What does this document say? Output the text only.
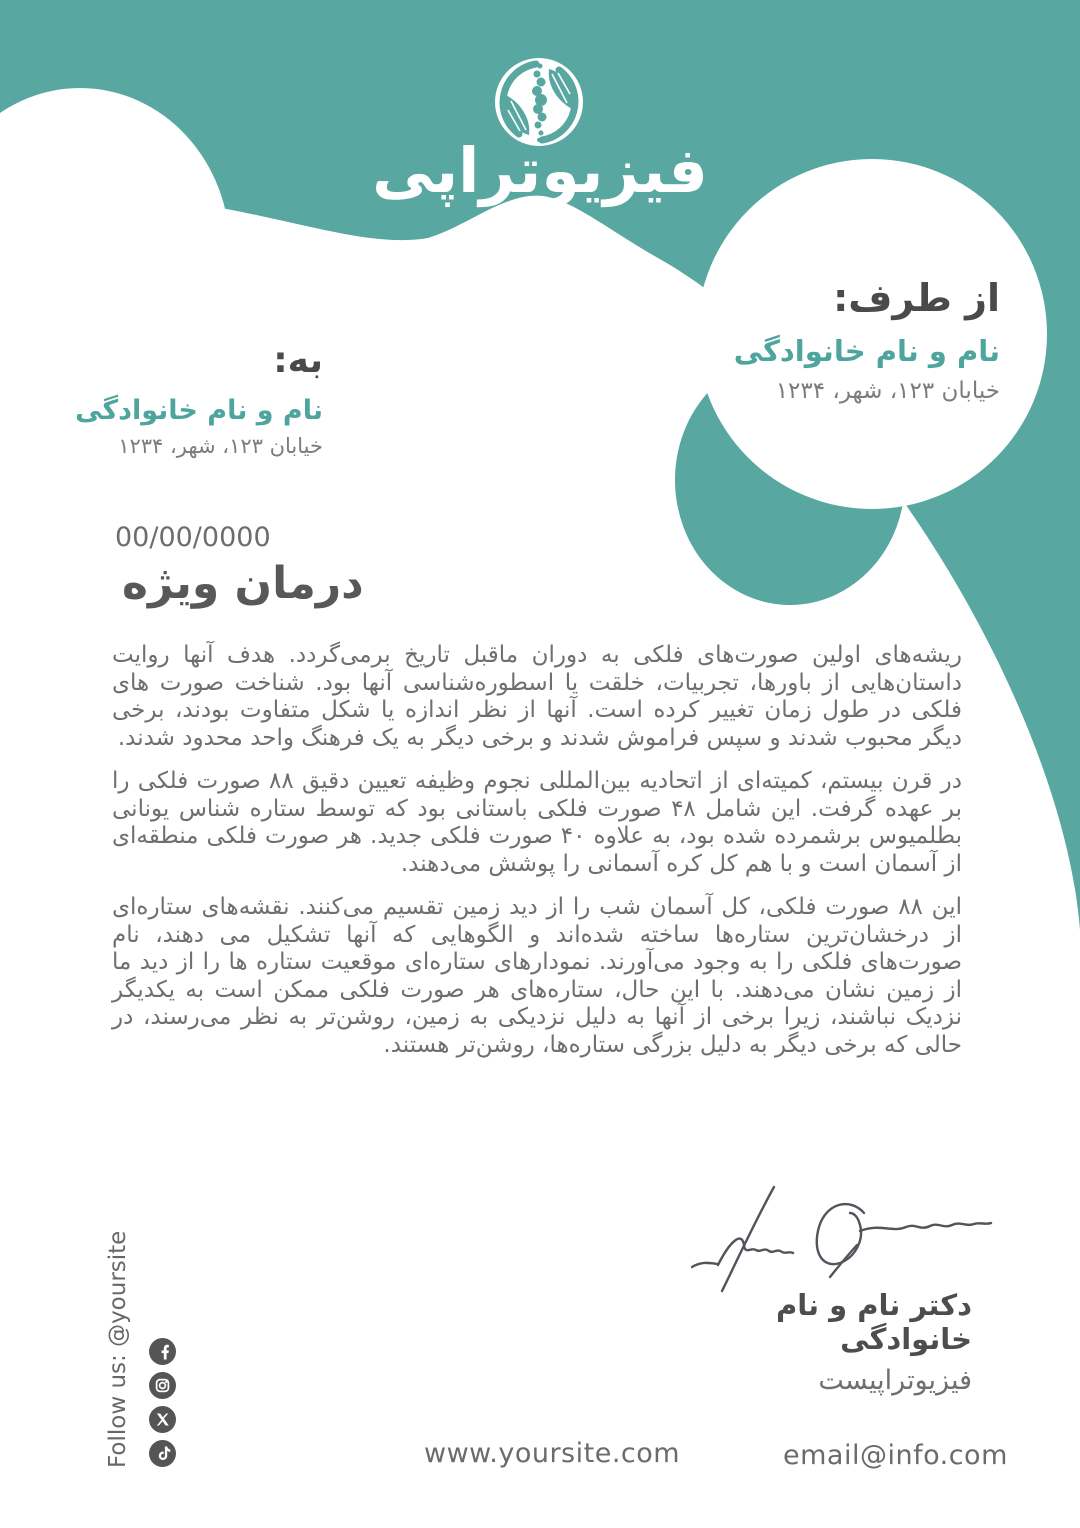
فیزیوتراپی
از طرف:
نام و نام خانوادگی
خیابان ۱۲۳، شهر، ۱۲۳۴
به:
نام و نام خانوادگی
خیابان ۱۲۳، شهر، ۱۲۳۴
00/00/0000
درمان ویژه

ریشه‌های اولین صورت‌های فلکی به دوران ماقبل تاریخ برمی‌گردد. هدف آنها روایت داستان‌هایی از باورها، تجربیات، خلقت یا اسطوره‌شناسی آنها بود. شناخت صورت های فلکی در طول زمان تغییر کرده است. آنها از نظر اندازه یا شکل متفاوت بودند، برخی دیگر محبوب شدند و سپس فراموش شدند و برخی دیگر به یک فرهنگ واحد محدود شدند.

در قرن بیستم، کمیته‌ای از اتحادیه بین‌المللی نجوم وظیفه تعیین دقیق ۸۸ صورت فلکی را بر عهده گرفت. این شامل ۴۸ صورت فلکی باستانی بود که توسط ستاره شناس یونانی بطلمیوس برشمرده شده بود، به علاوه ۴۰ صورت فلکی جدید. هر صورت فلکی منطقه‌ای از آسمان است و با هم کل کره آسمانی را پوشش می‌دهند.

این ۸۸ صورت فلکی، کل آسمان شب را از دید زمین تقسیم می‌کنند. نقشه‌های ستاره‌ای از درخشان‌ترین ستاره‌ها ساخته شده‌اند و الگوهایی که آنها تشکیل می دهند، نام صورت‌های فلکی را به وجود می‌آورند. نمودارهای ستاره‌ای موقعیت ستاره ها را از دید ما از زمین نشان می‌دهند. با این حال، ستاره‌های هر صورت فلکی ممکن است به یکدیگر نزدیک نباشند، زیرا برخی از آنها به دلیل نزدیکی به زمین، روشن‌تر به نظر می‌رسند، در حالی که برخی دیگر به دلیل بزرگی ستاره‌ها، روشن‌تر هستند.

دکتر نام و نام خانوادگی
فیزیوتراپیست
Follow us: @yoursite	www.yoursite.com	email@info.com
